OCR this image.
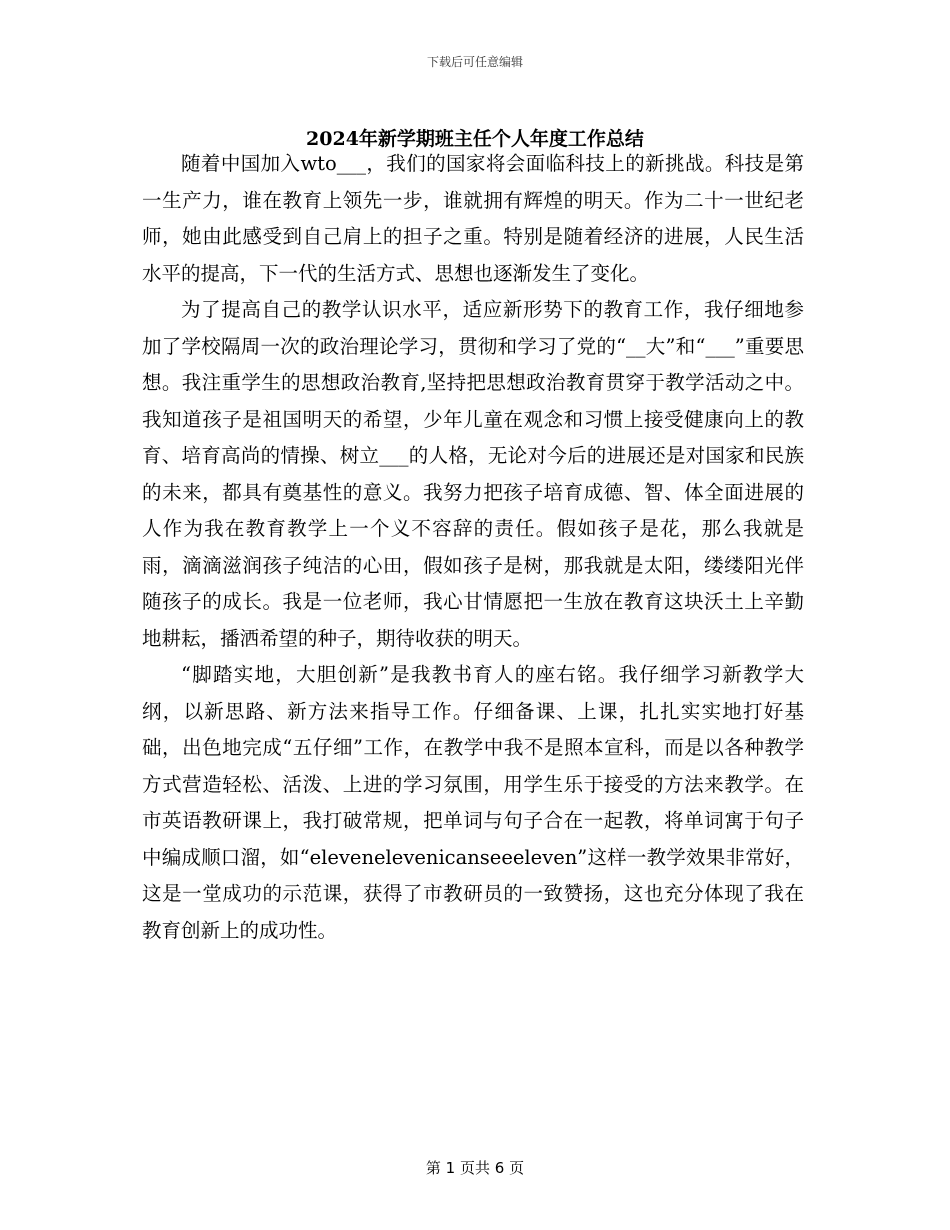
下载后可任意编辑
2024年新学期班主任个人年度工作总结

随着中国加入wto___，我们的国家将会面临科技上的新挑战。科技是第一生产力，谁在教育上领先一步，谁就拥有辉煌的明天。作为二十一世纪老师，她由此感受到自己肩上的担子之重。特别是随着经济的进展，人民生活水平的提高，下一代的生活方式、思想也逐渐发生了变化。

为了提高自己的教学认识水平，适应新形势下的教育工作，我仔细地参加了学校隔周一次的政治理论学习，贯彻和学习了党的“__大”和“___”重要思想。我注重学生的思想政治教育,坚持把思想政治教育贯穿于教学活动之中。我知道孩子是祖国明天的希望，少年儿童在观念和习惯上接受健康向上的教育、培育高尚的情操、树立___的人格，无论对今后的进展还是对国家和民族的未来，都具有奠基性的意义。我努力把孩子培育成德、智、体全面进展的人作为我在教育教学上一个义不容辞的责任。假如孩子是花，那么我就是雨，滴滴滋润孩子纯洁的心田，假如孩子是树，那我就是太阳，缕缕阳光伴随孩子的成长。我是一位老师，我心甘情愿把一生放在教育这块沃土上辛勤地耕耘，播洒希望的种子，期待收获的明天。

“脚踏实地，大胆创新”是我教书育人的座右铭。我仔细学习新教学大纲，以新思路、新方法来指导工作。仔细备课、上课，扎扎实实地打好基础，出色地完成“五仔细”工作，在教学中我不是照本宣科，而是以各种教学方式营造轻松、活泼、上进的学习氛围，用学生乐于接受的方法来教学。在市英语教研课上，我打破常规，把单词与句子合在一起教，将单词寓于句子中编成顺口溜，如“elevenelevenicanseeeleven”这样一教学效果非常好，这是一堂成功的示范课，获得了市教研员的一致赞扬，这也充分体现了我在教育创新上的成功性。

第 1 页共 6 页
